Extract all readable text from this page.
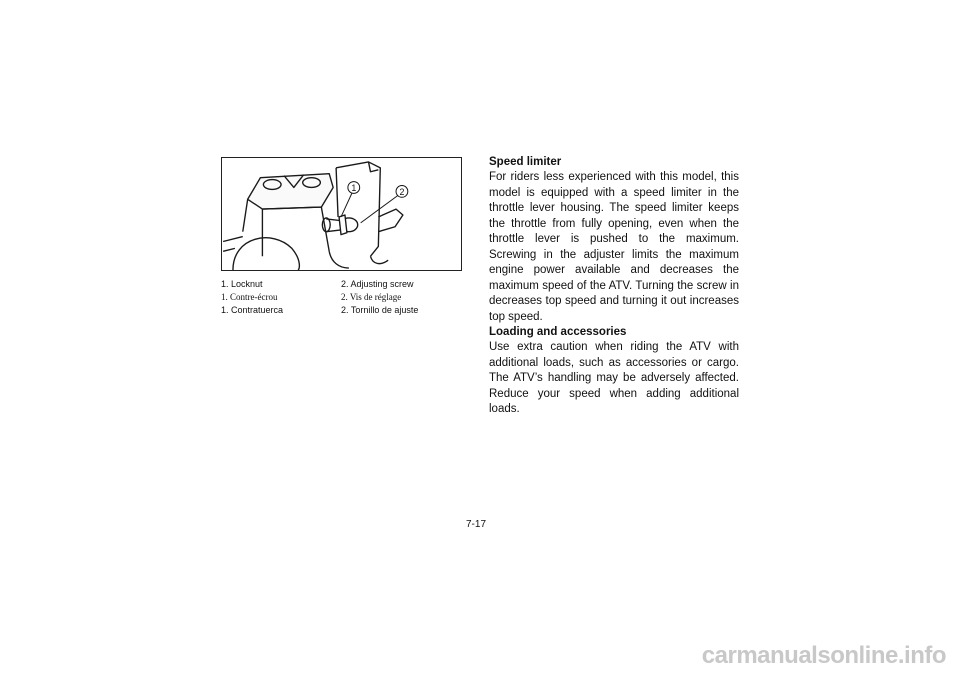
1	2
1. Locknut	2. Adjusting screw
1. Contre-écrou	2. Vis de réglage
1. Contratuerca	2. Tornillo de ajuste
Speed limiter
For riders less experienced with this model, this model is equipped with a speed limiter in the throttle lever housing. The speed limiter keeps the throttle from fully opening, even when the throttle lever is pushed to the maximum. Screwing in the adjuster limits the maximum engine power available and decreases the maximum speed of the ATV. Turning the screw in decreases top speed and turning it out increases top speed.
Loading and accessories
Use extra caution when riding the ATV with additional loads, such as accessories or cargo. The ATV’s handling may be adversely affected. Reduce your speed when adding additional loads.
7-17
carmanualsonline.info
